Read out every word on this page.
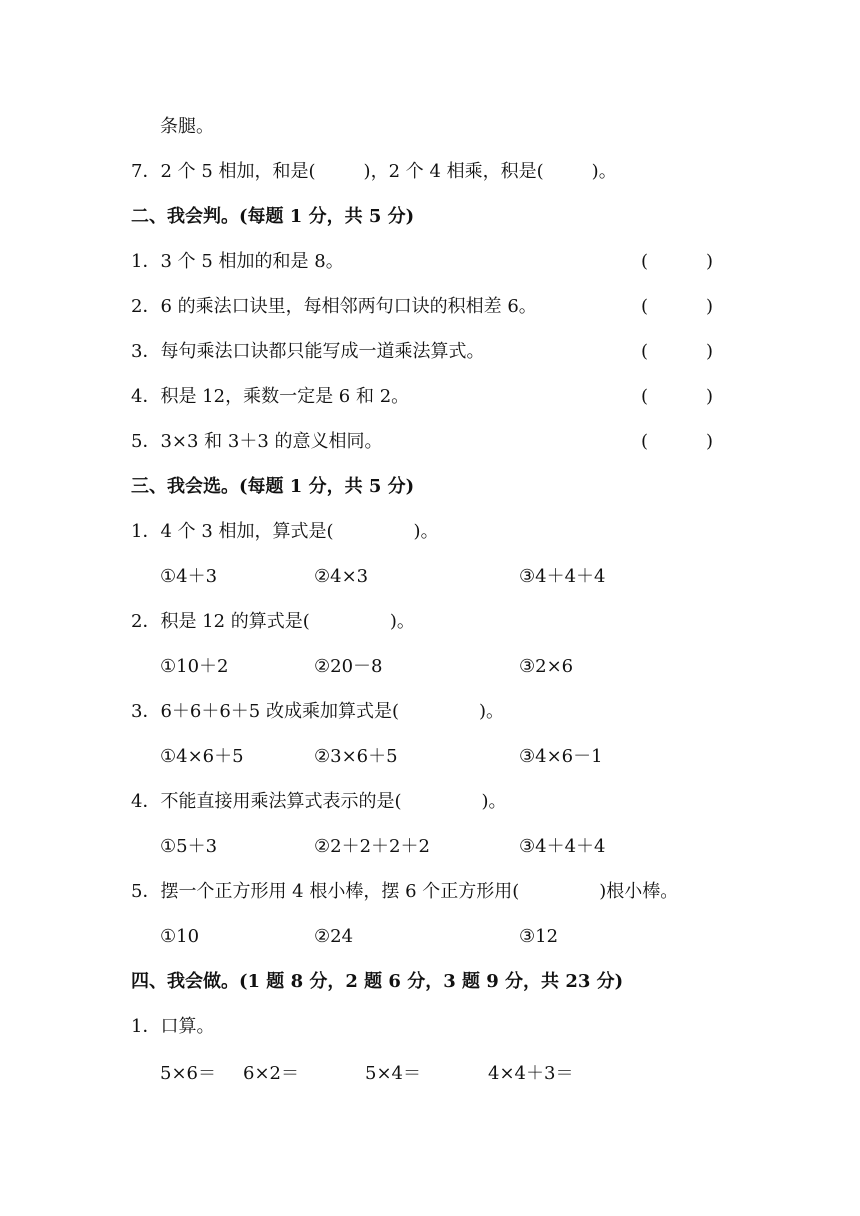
条腿。
7．2 个 5 相加，和是(	)，2 个 4 相乘，积是(	)。
二、我会判。(每题 1 分，共 5 分)
1．3 个 5 相加的和是 8。	(	)
2．6 的乘法口诀里，每相邻两句口诀的积相差 6。	(	)
3．每句乘法口诀都只能写成一道乘法算式。	(	)
4．积是 12，乘数一定是 6 和 2。	(	)
5．3×3 和 3＋3 的意义相同。	(	)
三、我会选。(每题 1 分，共 5 分)
1．4 个 3 相加，算式是(	)。
①4＋3	②4×3	③4＋4＋4
2．积是 12 的算式是(	)。
①10＋2	②20－8	③2×6
3．6＋6＋6＋5 改成乘加算式是(	)。
①4×6＋5	②3×6＋5	③4×6－1
4．不能直接用乘法算式表示的是(	)。
①5＋3	②2＋2＋2＋2	③4＋4＋4
5．摆一个正方形用 4 根小棒，摆 6 个正方形用(	)根小棒。
①10	②24	③12
四、我会做。(1 题 8 分，2 题 6 分，3 题 9 分，共 23 分)
1．口算。
5×6＝ 6×2＝	5×4＝	4×4＋3＝
